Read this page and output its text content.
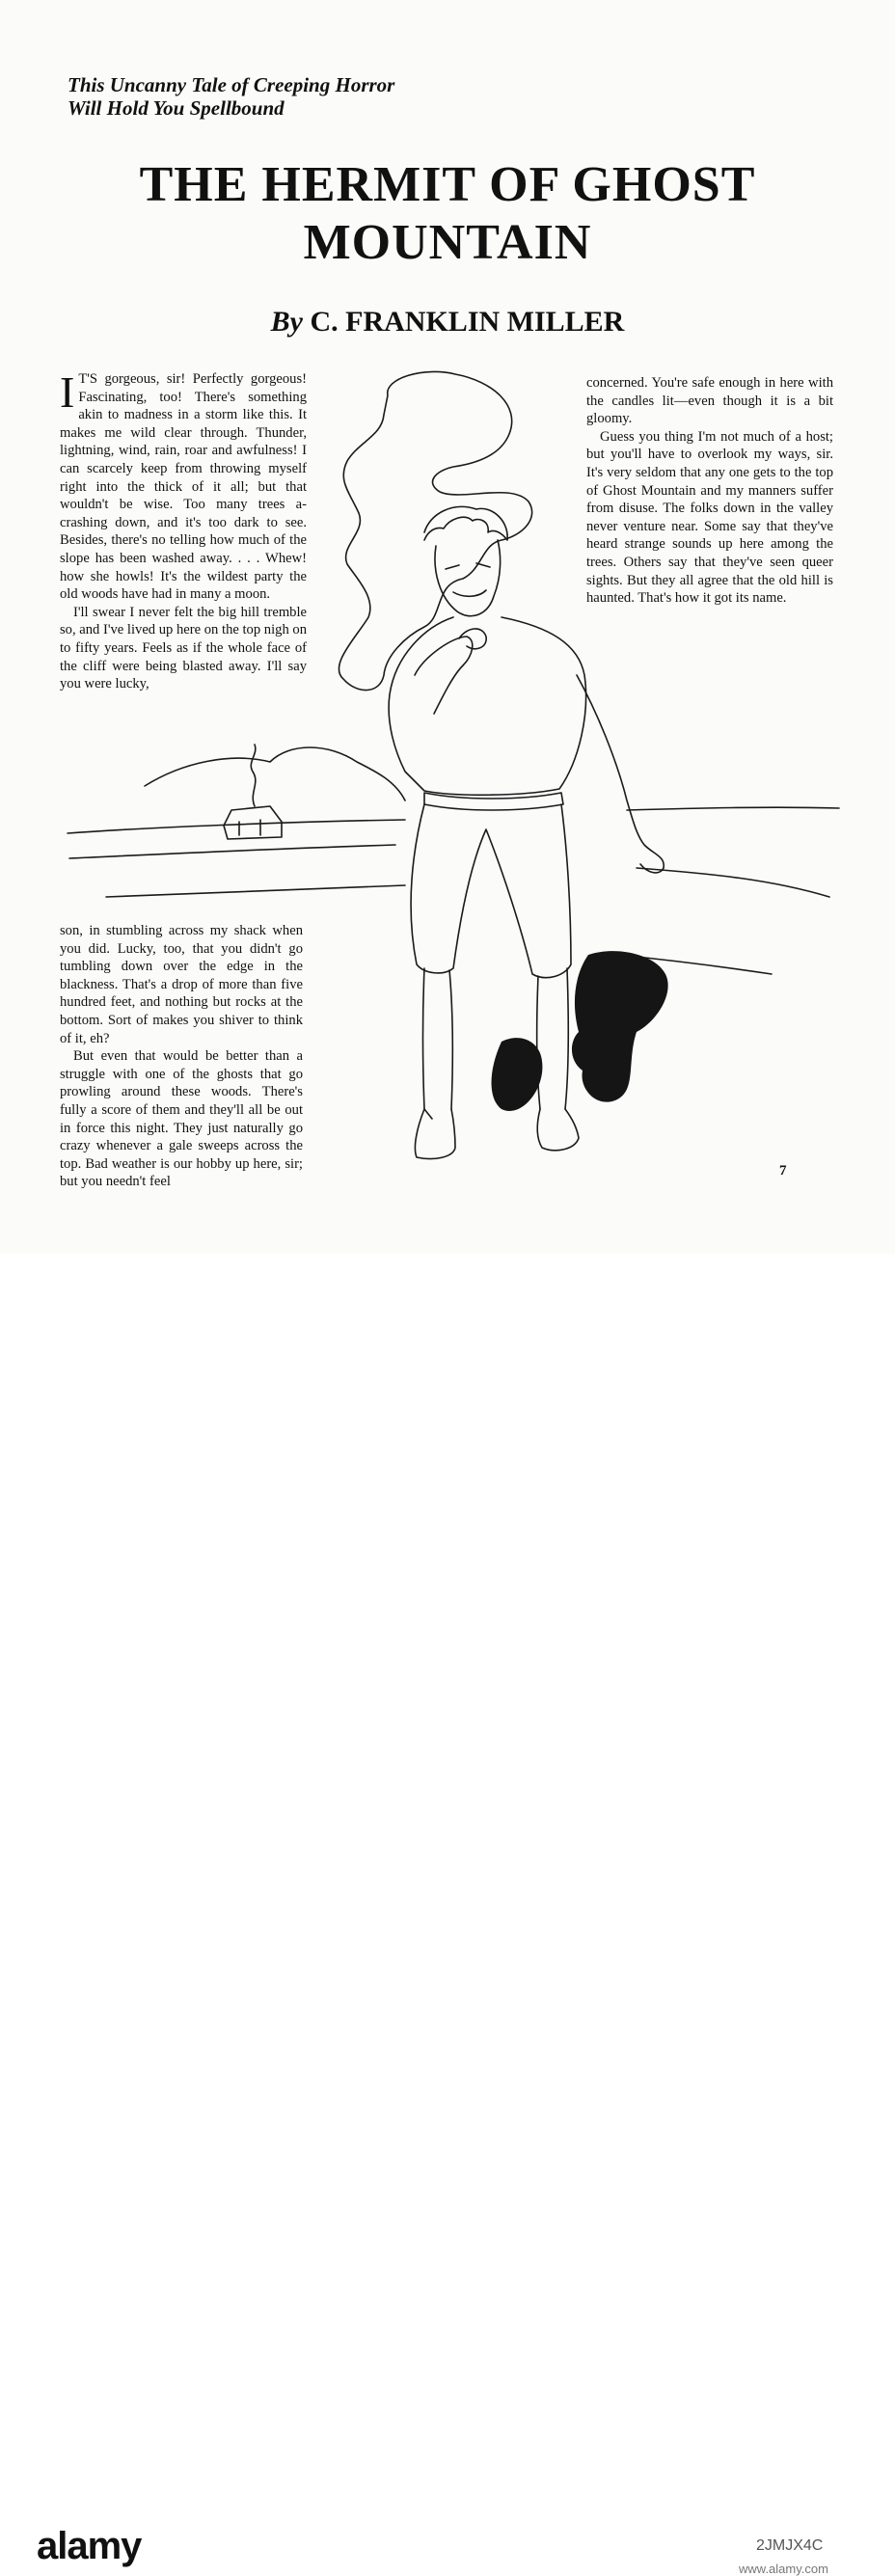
This Uncanny Tale of Creeping Horror
Will Hold You Spellbound
THE HERMIT OF GHOST
MOUNTAIN
By C. FRANKLIN MILLER

I T'S gorgeous, sir! Perfectly gorgeous! Fascinating, too! There's something akin to madness in a storm like this. It makes me wild clear through. Thunder, lightning, wind, rain, roar and awfulness! I can scarcely keep from throwing myself right into the thick of it all; but that wouldn't be wise. Too many trees a-crashing down, and it's too dark to see. Besides, there's no telling how much of the slope has been washed away. . . . Whew! how she howls! It's the wildest party the old woods have had in many a moon.

I'll swear I never felt the big hill tremble so, and I've lived up here on the top nigh on to fifty years. Feels as if the whole face of the cliff were being blasted away. I'll say you were lucky,

concerned. You're safe enough in here with the candles lit—even though it is a bit gloomy.

Guess you thing I'm not much of a host; but you'll have to overlook my ways, sir. It's very seldom that any one gets to the top of Ghost Mountain and my manners suffer from disuse. The folks down in the valley never venture near. Some say that they've heard strange sounds up here among the trees. Others say that they've seen queer sights. But they all agree that the old hill is haunted. That's how it got its name.

son, in stumbling across my shack when you did. Lucky, too, that you didn't go tumbling down over the edge in the blackness. That's a drop of more than five hundred feet, and nothing but rocks at the bottom. Sort of makes you shiver to think of it, eh?

But even that would be better than a struggle with one of the ghosts that go prowling around these woods. There's fully a score of them and they'll all be out in force this night. They just naturally go crazy whenever a gale sweeps across the top. Bad weather is our hobby up here, sir; but you needn't feel

7
alamy	2JMJX4C
www.alamy.com
